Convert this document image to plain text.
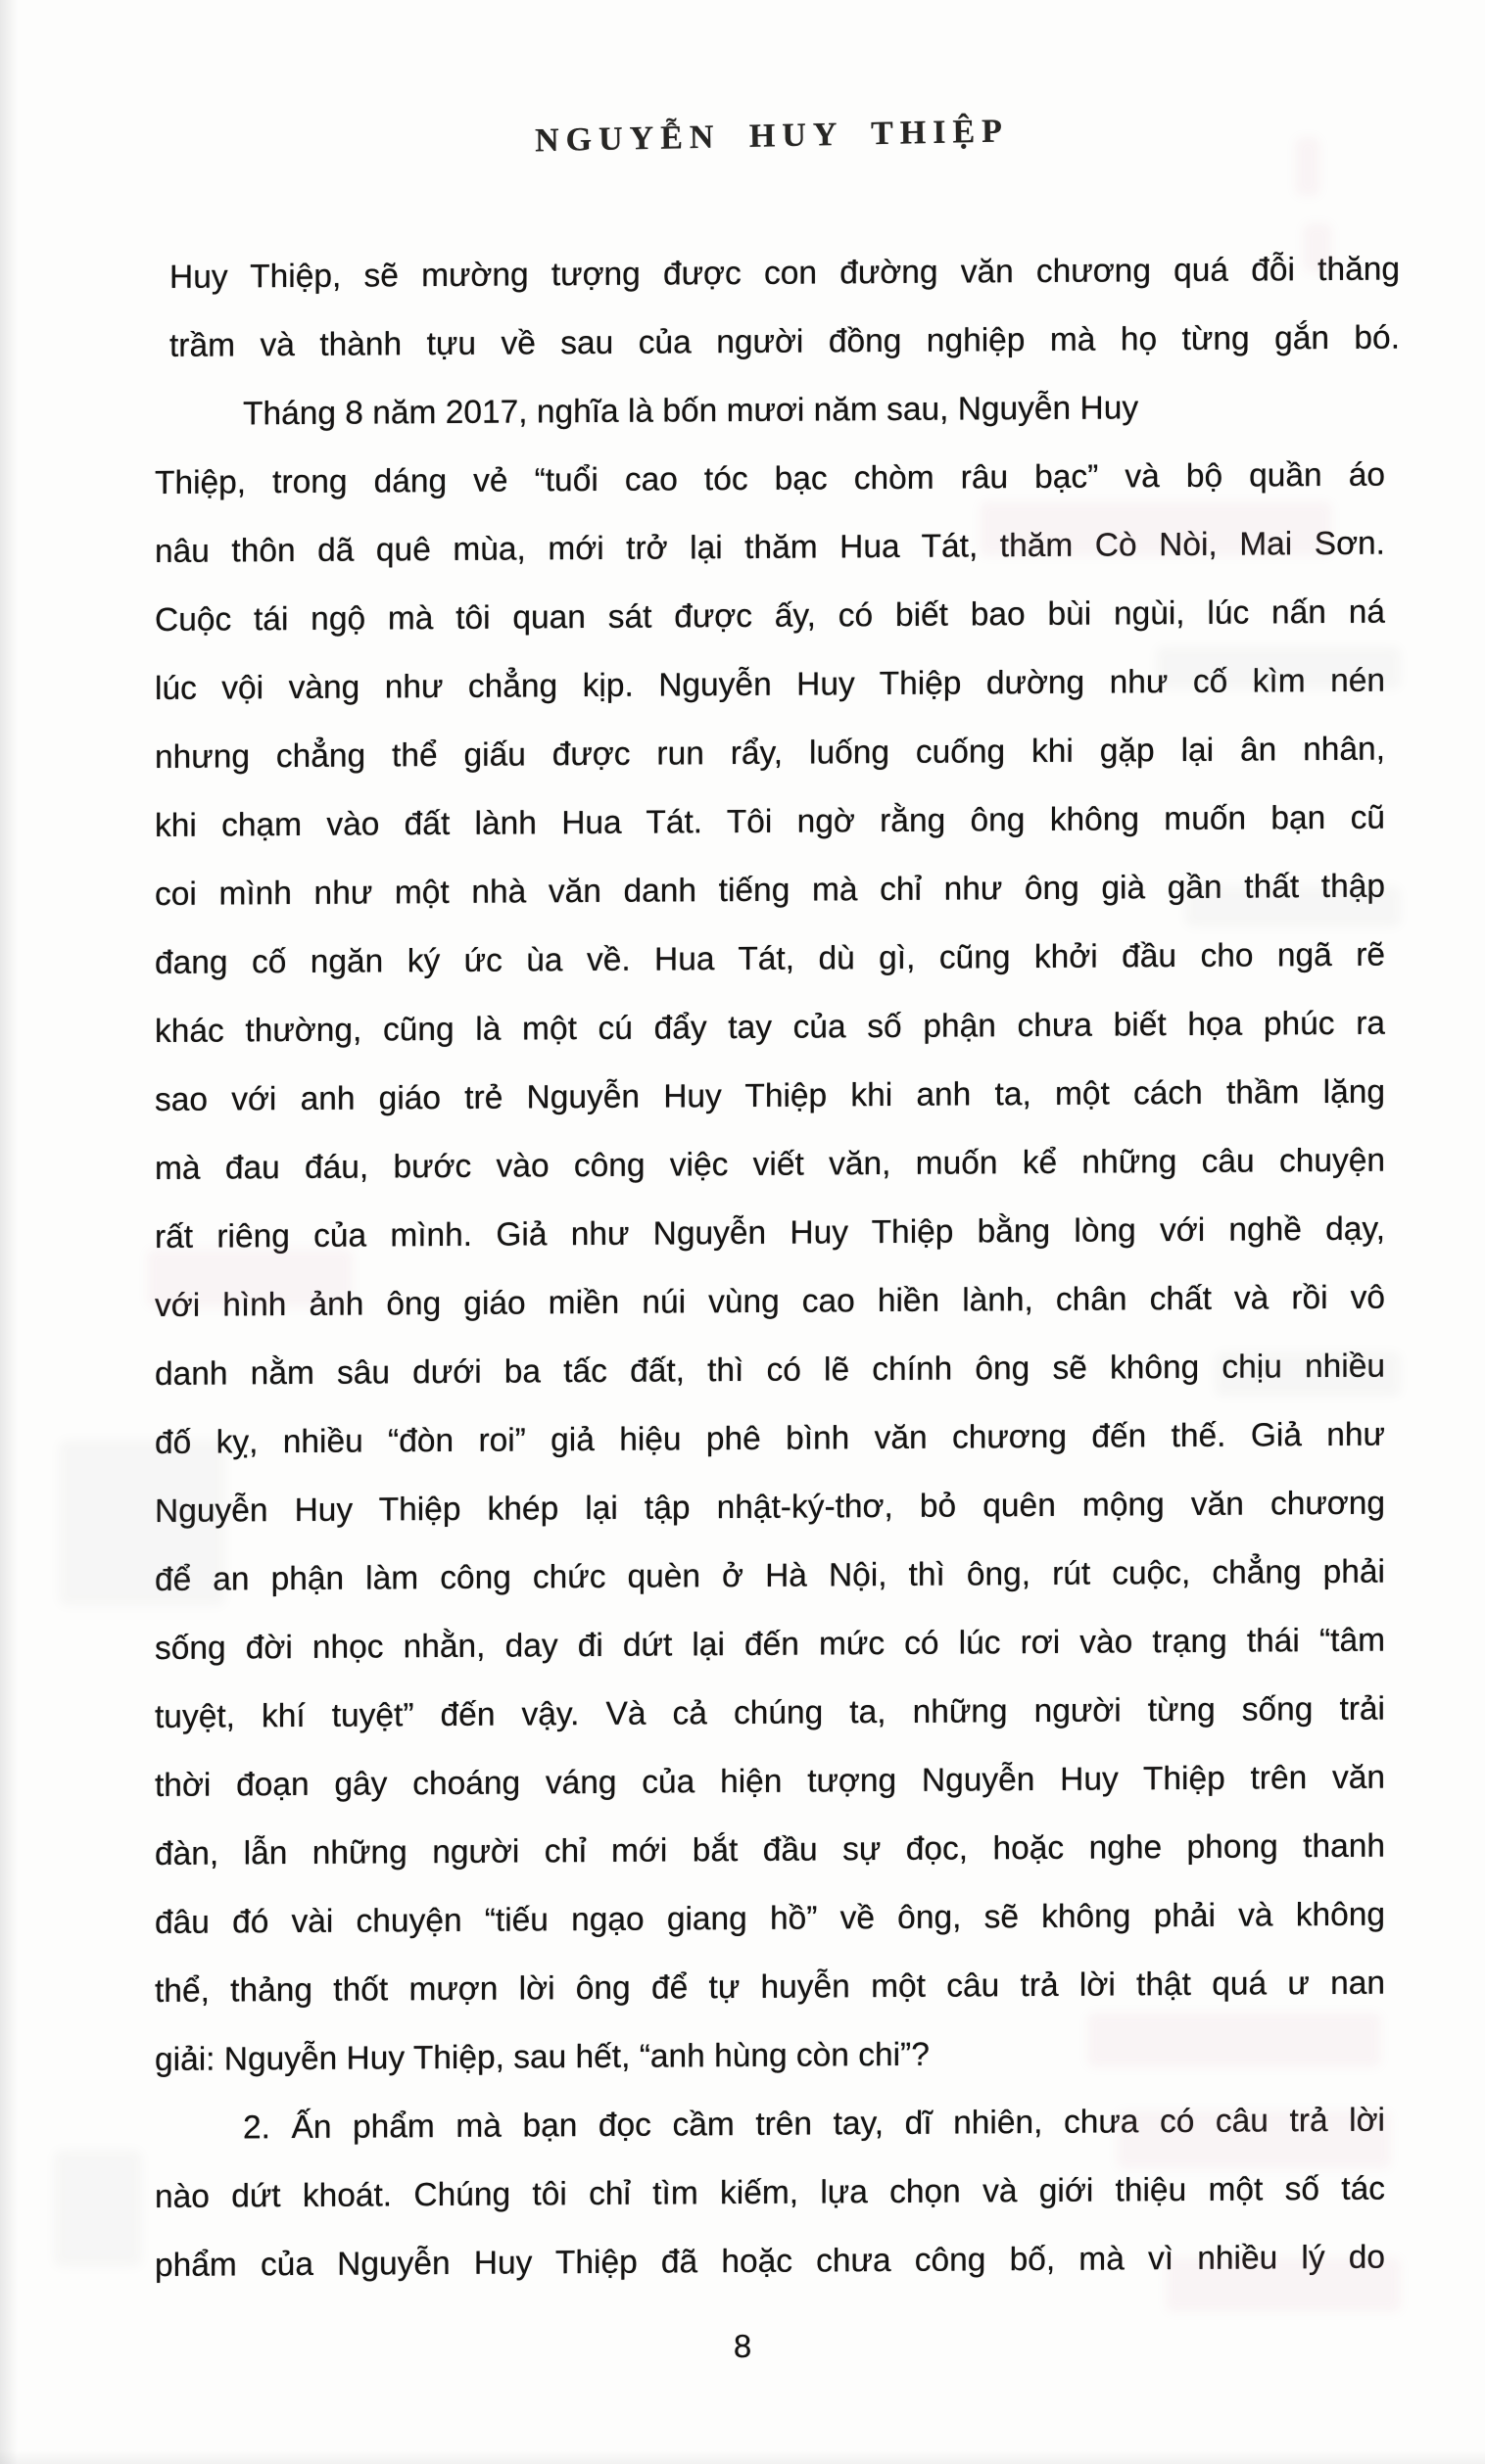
NGUYỄN HUY THIỆP
Huy Thiệp, sẽ mường tượng được con đường văn chương quá đỗi thăng
trầm và thành tựu về sau của người đồng nghiệp mà họ từng gắn bó.
Tháng 8 năm 2017, nghĩa là bốn mươi năm sau, Nguyễn Huy
Thiệp, trong dáng vẻ “tuổi cao tóc bạc chòm râu bạc” và bộ quần áo
nâu thôn dã quê mùa, mới trở lại thăm Hua Tát, thăm Cò Nòi, Mai Sơn.
Cuộc tái ngộ mà tôi quan sát được ấy, có biết bao bùi ngùi, lúc nấn ná
lúc vội vàng như chẳng kịp. Nguyễn Huy Thiệp dường như cố kìm nén
nhưng chẳng thể giấu được run rẩy, luống cuống khi gặp lại ân nhân,
khi chạm vào đất lành Hua Tát. Tôi ngờ rằng ông không muốn bạn cũ
coi mình như một nhà văn danh tiếng mà chỉ như ông già gần thất thập
đang cố ngăn ký ức ùa về. Hua Tát, dù gì, cũng khởi đầu cho ngã rẽ
khác thường, cũng là một cú đẩy tay của số phận chưa biết họa phúc ra
sao với anh giáo trẻ Nguyễn Huy Thiệp khi anh ta, một cách thầm lặng
mà đau đáu, bước vào công việc viết văn, muốn kể những câu chuyện
rất riêng của mình. Giả như Nguyễn Huy Thiệp bằng lòng với nghề dạy,
với hình ảnh ông giáo miền núi vùng cao hiền lành, chân chất và rồi vô
danh nằm sâu dưới ba tấc đất, thì có lẽ chính ông sẽ không chịu nhiều
đố kỵ, nhiều “đòn roi” giả hiệu phê bình văn chương đến thế. Giả như
Nguyễn Huy Thiệp khép lại tập nhật-ký-thơ, bỏ quên mộng văn chương
để an phận làm công chức quèn ở Hà Nội, thì ông, rút cuộc, chẳng phải
sống đời nhọc nhằn, day đi dứt lại đến mức có lúc rơi vào trạng thái “tâm
tuyệt, khí tuyệt” đến vậy. Và cả chúng ta, những người từng sống trải
thời đoạn gây choáng váng của hiện tượng Nguyễn Huy Thiệp trên văn
đàn, lẫn những người chỉ mới bắt đầu sự đọc, hoặc nghe phong thanh
đâu đó vài chuyện “tiếu ngạo giang hồ” về ông, sẽ không phải và không
thể, thảng thốt mượn lời ông để tự huyễn một câu trả lời thật quá ư nan
giải: Nguyễn Huy Thiệp, sau hết, “anh hùng còn chi”?
2. Ấn phẩm mà bạn đọc cầm trên tay, dĩ nhiên, chưa có câu trả lời
nào dứt khoát. Chúng tôi chỉ tìm kiếm, lựa chọn và giới thiệu một số tác
phẩm của Nguyễn Huy Thiệp đã hoặc chưa công bố, mà vì nhiều lý do
8
